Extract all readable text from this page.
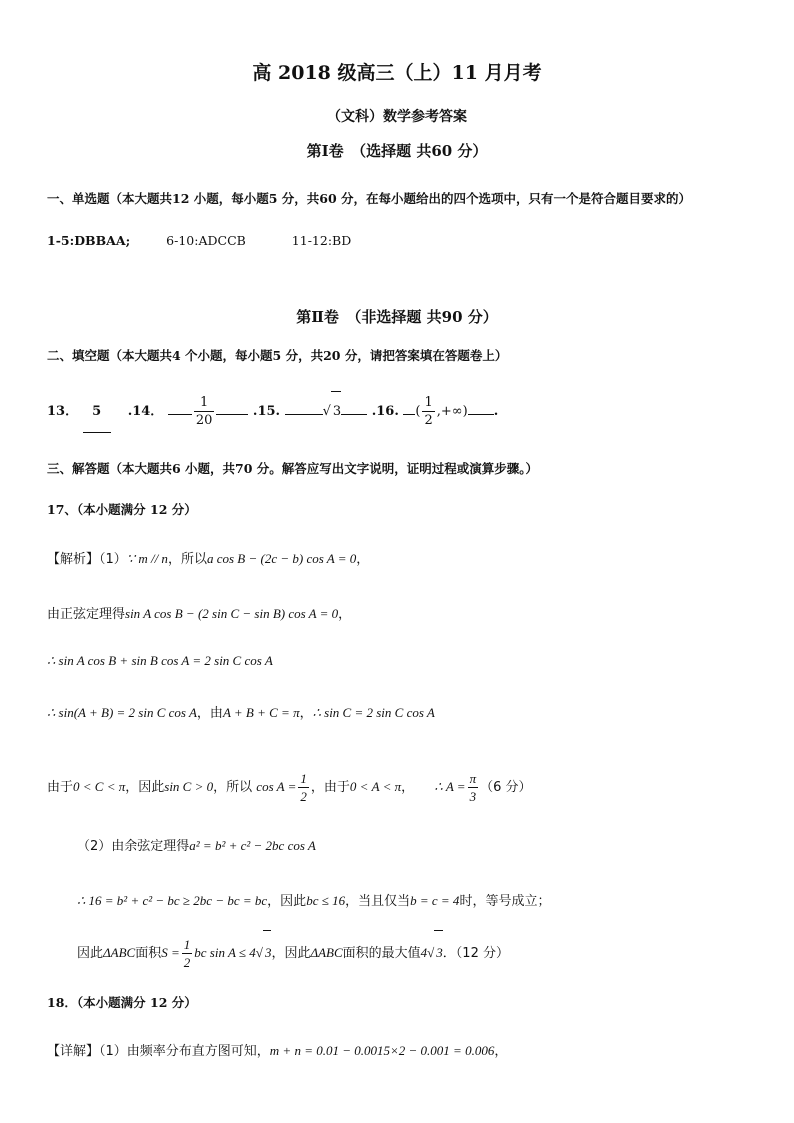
高 2018 级高三（上）11 月月考
（文科）数学参考答案
第Ⅰ卷　（选择题 共60 分）
一、单选题（本大题共12 小题，每小题5 分，共60 分，在每小题给出的四个选项中，只有一个是符合题目要求的）
1-5:DBBAA;	6-10:ADCCB	11-12:BD
第Ⅱ卷　（非选择题 共90 分）
二、填空题（本大题共4 个小题，每小题5 分，共20 分，请把答案填在答题卷上）
13． 5 .14． $\frac{1}{20}$	.15.	√ 3 .16. ( $\frac{1}{2}$ ,+∞) .
三、解答题（本大题共6 小题，共70 分。解答应写出文字说明，证明过程或演算步骤。）
17、（本小题满分 12 分）
【解析】（1）∵ m // n，所以a cos B − (2c − b) cos A = 0，
由正弦定理得sin A cos B − (2 sin C − sin B) cos A = 0，
∴ sin A cos B + sin B cos A = 2 sin C cos A
∴ sin(A + B) = 2 sin C cos A，由A + B + C = π，∴ sin C = 2 sin C cos A
由于0 < C < π，因此sin C > 0，所以 $\cos A = \frac{1}{2}$ ，由于0 < A < π， ∴ $A = \frac{\pi}{3} (6$ 分）
（2）由余弦定理得a² = b² + c² − 2bc cos A
∴ 16 = b² + c² − bc ≥ 2bc − bc = bc，因此bc ≤ 16，当且仅当b = c = 4时，等号成立；
因此ΔABC面积$S = \frac{1}{2}$ bc sin A ≤ 4√ 3，因此ΔABC面积的最大值4√ 3．（12 分）
18．（本小题满分 12 分）
【详解】（1）由频率分布直方图可知，m + n = 0.01 − 0.0015×2 − 0.001 = 0.006，
